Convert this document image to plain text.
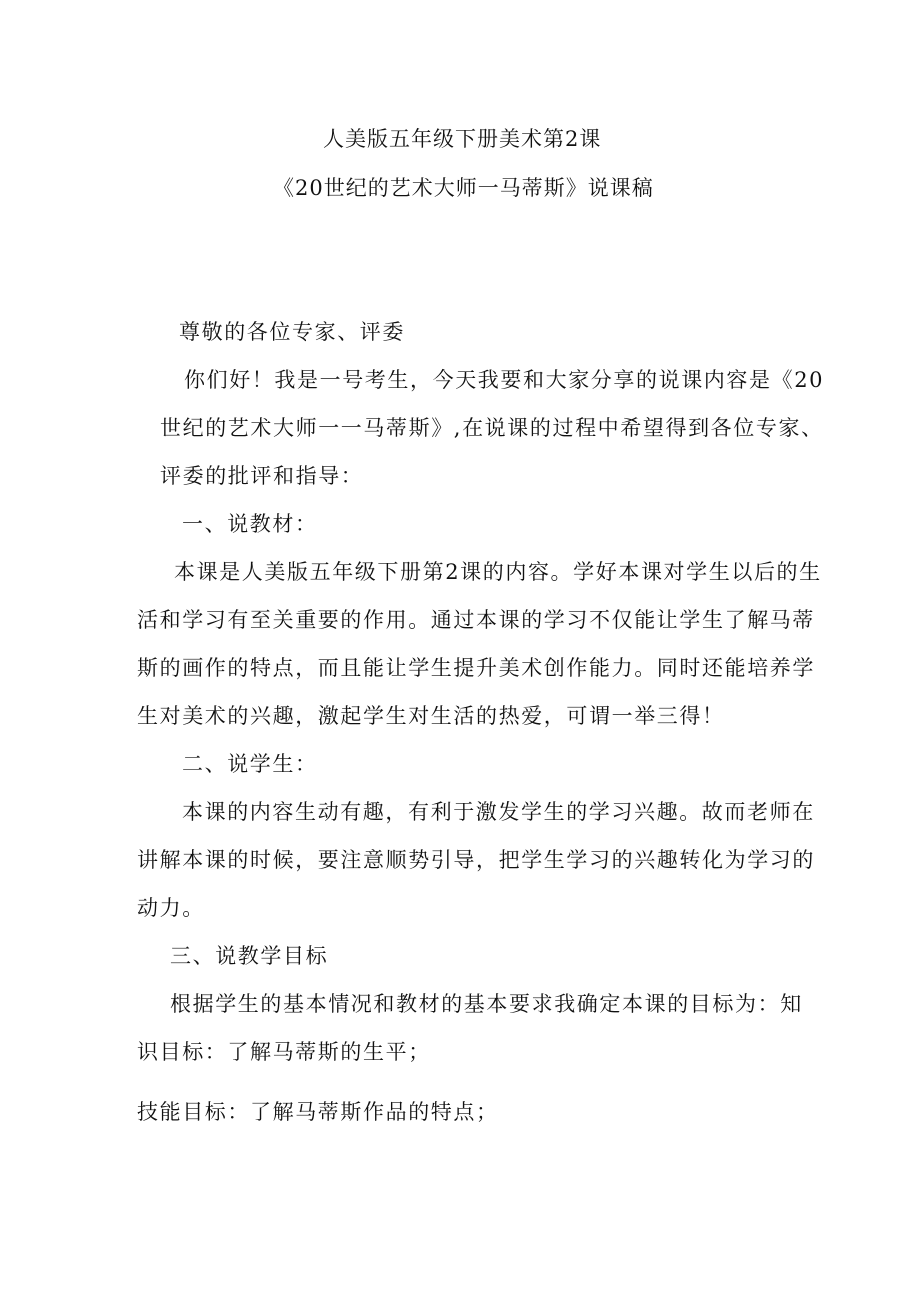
人美版五年级下册美术第2课
《20世纪的艺术大师一马蒂斯》说课稿
尊敬的各位专家、评委
你们好！我是一号考生，今天我要和大家分享的说课内容是《20
世纪的艺术大师一一马蒂斯》,在说课的过程中希望得到各位专家、
评委的批评和指导：
一、说教材：
本课是人美版五年级下册第2课的内容。学好本课对学生以后的生
活和学习有至关重要的作用。通过本课的学习不仅能让学生了解马蒂
斯的画作的特点，而且能让学生提升美术创作能力。同时还能培养学
生对美术的兴趣，激起学生对生活的热爱，可谓一举三得！
二、说学生：
本课的内容生动有趣，有利于激发学生的学习兴趣。故而老师在
讲解本课的时候，要注意顺势引导，把学生学习的兴趣转化为学习的
动力。
三、说教学目标
根据学生的基本情况和教材的基本要求我确定本课的目标为：知
识目标：了解马蒂斯的生平；
技能目标：了解马蒂斯作品的特点；
